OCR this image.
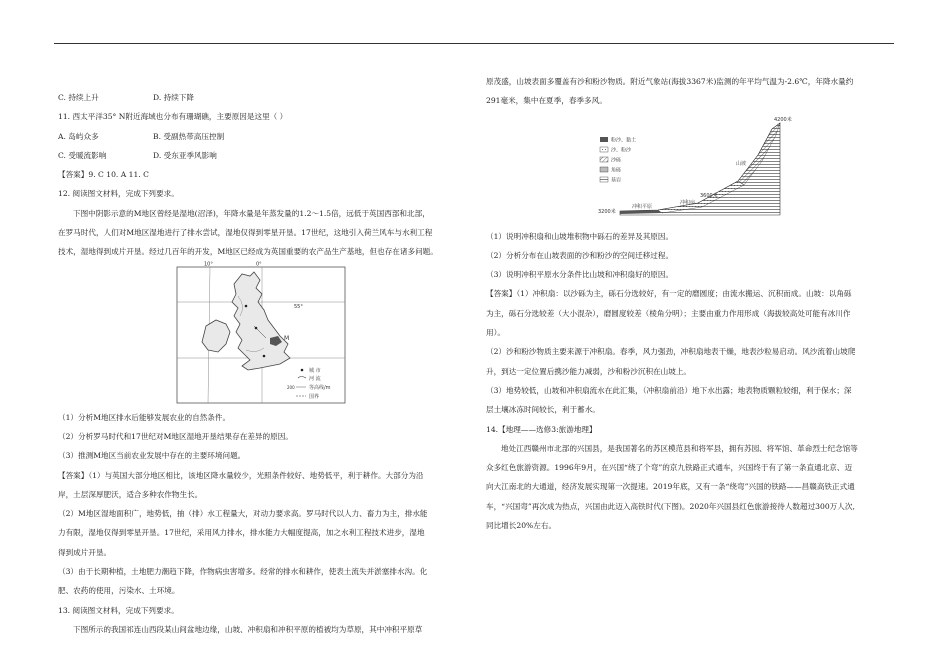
C. 持续上升	D. 持续下降
11. 西太平洋35° N附近海域也分布有珊瑚礁，主要原因是这里（ ）
A. 岛屿众多	B. 受副热带高压控制
C. 受暖流影响	D. 受东亚季风影响
【答案】9. C 10. A 11. C
12. 阅读图文材料，完成下列要求。
下图中阴影示意的M地区曾经是湿地(沼泽)，年降水量是年蒸发量的1.2～1.5倍，远低于英国西部和北部，
在罗马时代，人们对M地区湿地进行了排水尝试，湿地仅得到零星开垦。17世纪，这地引入荷兰风车与水利工程
技术，湿地得到成片开垦。经过几百年的开发，M地区已经成为英国重要的农产品生产基地，但也存在诸多问题。
10°	0°
55°
M
城 市
河 流
200	等高线/m
国界
（1）分析M地区排水后能够发展农业的自然条件。
（2）分析罗马时代和17世纪对M地区湿地开垦结果存在差异的原因。
（3）推测M地区当前农业发展中存在的主要环境问题。
【答案】（1）与英国大部分地区相比，该地区降水量较少，光照条件较好、地势低平，利于耕作。大部分为沿
岸，土层深厚肥沃，适合多种农作物生长。
（2）M地区湿地面积广，地势低，抽（排）水工程量大，对动力要求高。罗马时代以人力、畜力为主，排水能
力有限，湿地仅得到零星开垦。17世纪，采用风力排水，排水能力大幅度提高，加之水利工程技术进步，湿地
得到成片开垦。
（3）由于长期种植，土地肥力潮趋下降，作物病虫害增多。经常的排水和耕作，使表土流失并淤塞排水沟。化
肥、农药的使用，污染水、土环境。
13. 阅读图文材料，完成下列要求。
下图所示的我国祁连山西段某山间盆地边缘，山坡、冲积扇和冲积平原的植被均为草原，其中冲积平原草
原茂盛，山坡表面多覆盖有沙和粉沙物质。附近气象站(海拔3367米)监测的年平均气温为-2.6℃，年降水量约
291毫米，集中在夏季，春季多风。
粉沙、黏土
沙、粉沙
沙砾
角砾
基岩
4200米
3600米
3200米
山坡
冲积扇
冲积平原
（1）说明冲积扇和山坡堆积物中砾石的差异及其原因。
（2）分析分布在山坡表面的沙和粉沙的空间迁移过程。
（3）说明冲积平原水分条件比山坡和冲积扇好的原因。
【答案】（1）冲积扇：以沙砾为主，砾石分选较好，有一定的磨圆度；由流水搬运、沉积而成。山坡：以角砾
为主，砾石分选较差（大小混杂），磨圆度较差（棱角分明）；主要由重力作用形成（海拔较高处可能有冰川作
用）。
（2）沙和粉沙物质主要来源于冲积扇。春季，风力强劲，冲积扇地表干燥，地表沙粒易启动。风沙流着山坡爬
升，到达一定位置后携沙能力减弱，沙和粉沙沉积在山坡上。
（3）地势较低，山坡和冲积扇流水在此汇集，（冲积扇前沿）地下水出露；地表物质颗粒较细，利于保水；深
层土壤冰冻时间较长，利于蓄水。
14.【地理——选修3:旅游地理】
地处江西赣州市北部的兴国县，是我国著名的苏区模范县和将军县，拥有苏园、将军馆、革命烈士纪念馆等
众多红色旅游资源。1996年9月，在兴国“绕了个弯”的京九铁路正式通车，兴国终于有了第一条直通北京、迈
向大江南北的大通道，经济发展实现第一次提速。2019年底，又有一条“绕弯”兴国的铁路——昌赣高铁正式通
车，“兴国弯”再次成为热点，兴国由此迈入高铁时代(下图)。2020年兴国县红色旅游接待人数超过300万人次,
同比增长20%左右。
